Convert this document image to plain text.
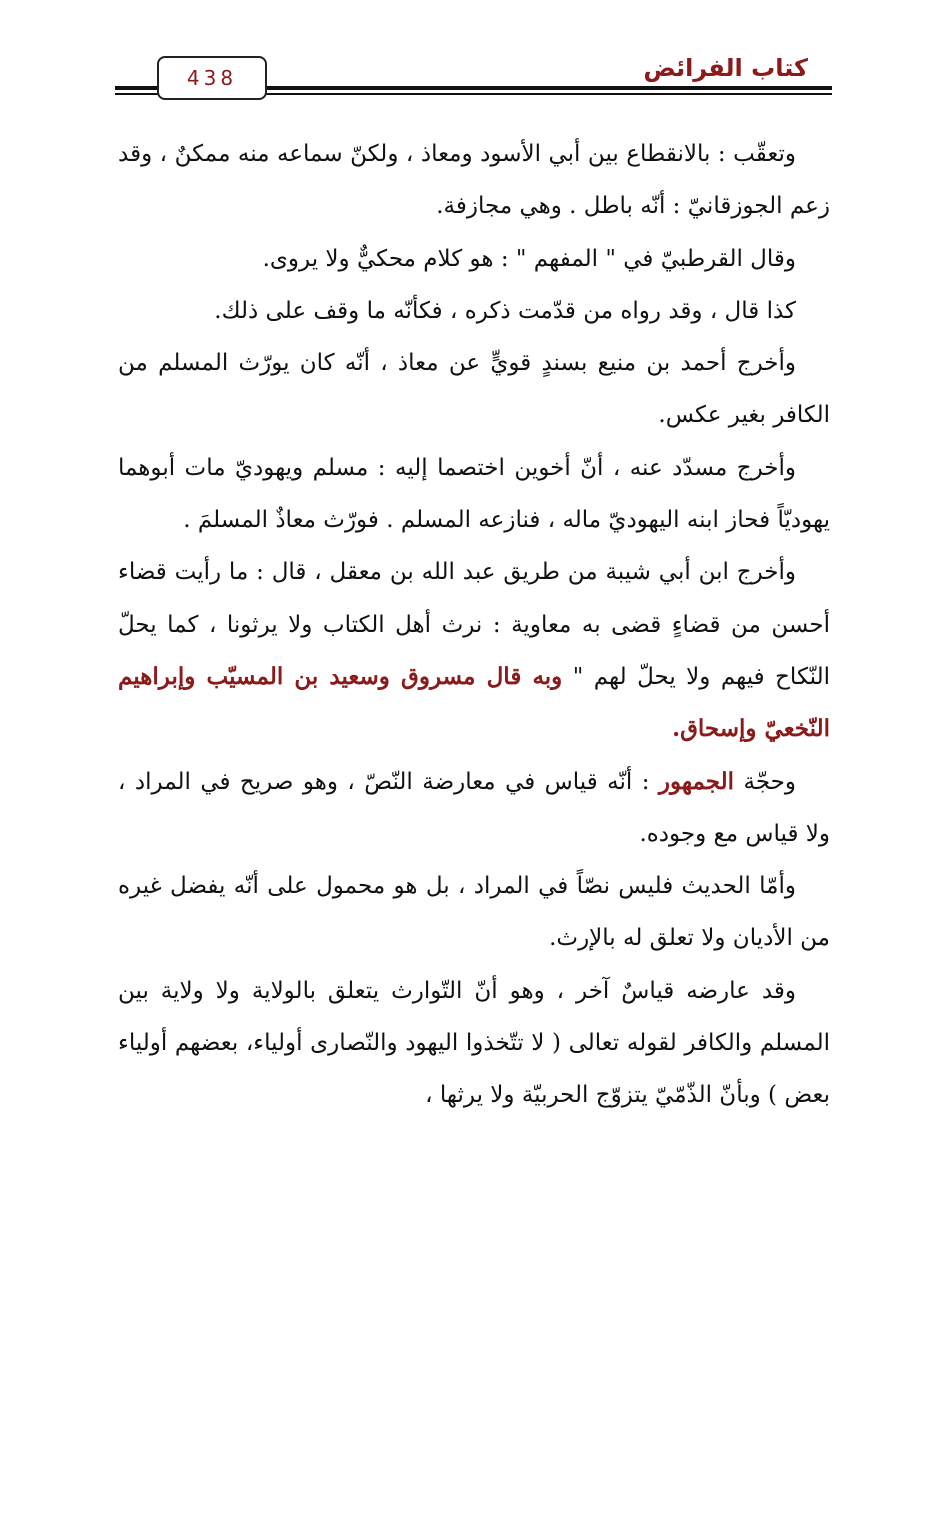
438	كتاب الفرائض

وتعقّب : بالانقطاع بين أبي الأسود ومعاذ ، ولكنّ سماعه منه ممكنٌ ، وقد زعم الجوزقانيّ : أنّه باطل . وهي مجازفة.

وقال القرطبيّ في " المفهم " : هو كلام محكيٌّ ولا يروى.

كذا قال ، وقد رواه من قدّمت ذكره ، فكأنّه ما وقف على ذلك.

وأخرج أحمد بن منيع بسندٍ قويٍّ عن معاذ ، أنّه كان يورّث المسلم من الكافر بغير عكس.

وأخرج مسدّد عنه ، أنّ أخوين اختصما إليه : مسلم ويهوديّ مات أبوهما يهوديّاً فحاز ابنه اليهوديّ ماله ، فنازعه المسلم . فورّث معاذٌ المسلمَ .

وأخرج ابن أبي شيبة من طريق عبد الله بن معقل ، قال : ما رأيت قضاء أحسن من قضاءٍ قضى به معاوية : نرث أهل الكتاب ولا يرثونا ، كما يحلّ النّكاح فيهم ولا يحلّ لهم " وبه قال مسروق وسعيد بن المسيّب وإبراهيم النّخعيّ وإسحاق.

وحجّة الجمهور : أنّه قياس في معارضة النّصّ ، وهو صريح في المراد ، ولا قياس مع وجوده.

وأمّا الحديث فليس نصّاً في المراد ، بل هو محمول على أنّه يفضل غيره من الأديان ولا تعلق له بالإرث.

وقد عارضه قياسٌ آخر ، وهو أنّ التّوارث يتعلق بالولاية ولا ولاية بين المسلم والكافر لقوله تعالى ( لا تتّخذوا اليهود والنّصارى أولياء، بعضهم أولياء بعض ) وبأنّ الذّمّيّ يتزوّج الحربيّة ولا يرثها ،
